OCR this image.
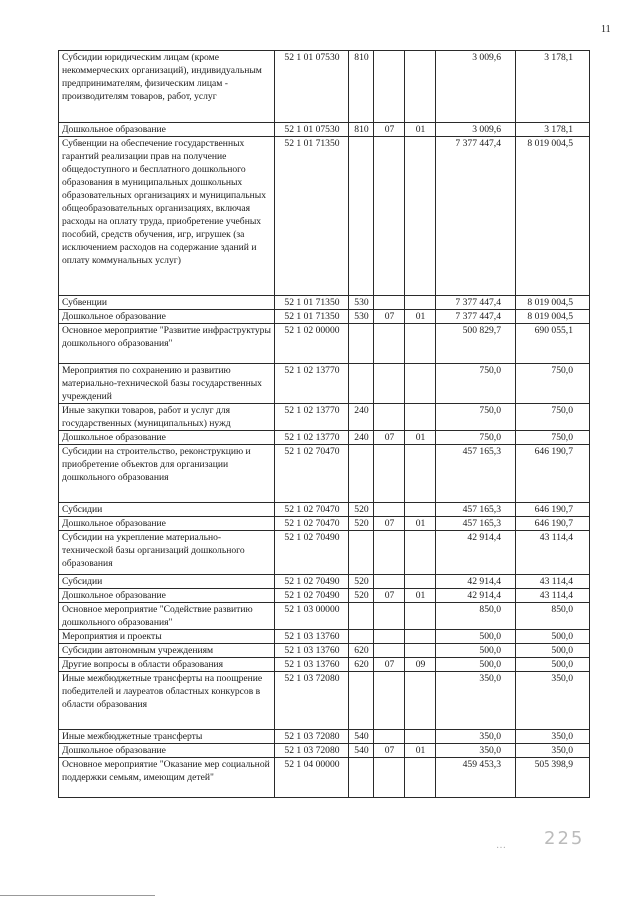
11
Субсидии юридическим лицам (кроме некоммерческих организаций), индивидуальным предпринимателям, физическим лицам - производителям товаров, работ, услуг	52 1 01 07530	810			3 009,6	3 178,1
Дошкольное образование	52 1 01 07530	810	07	01	3 009,6	3 178,1
Субвенции на обеспечение государственных гарантий реализации прав на получение общедоступного и бесплатного дошкольного образования в муниципальных дошкольных образовательных организациях и муниципальных общеобразовательных организациях, включая расходы на оплату труда, приобретение учебных пособий, средств обучения, игр, игрушек (за исключением расходов на содержание зданий и оплату коммунальных услуг)	52 1 01 71350				7 377 447,4	8 019 004,5
Субвенции	52 1 01 71350	530			7 377 447,4	8 019 004,5
Дошкольное образование	52 1 01 71350	530	07	01	7 377 447,4	8 019 004,5
Основное мероприятие "Развитие инфраструктуры дошкольного образования"	52 1 02 00000				500 829,7	690 055,1
Мероприятия по сохранению и развитию материально-технической базы государственных учреждений	52 1 02 13770				750,0	750,0
Иные закупки товаров, работ и услуг для государственных (муниципальных) нужд	52 1 02 13770	240			750,0	750,0
Дошкольное образование	52 1 02 13770	240	07	01	750,0	750,0
Субсидии на строительство, реконструкцию и приобретение объектов для организации дошкольного образования	52 1 02 70470				457 165,3	646 190,7
Субсидии	52 1 02 70470	520			457 165,3	646 190,7
Дошкольное образование	52 1 02 70470	520	07	01	457 165,3	646 190,7
Субсидии на укрепление материально-технической базы организаций дошкольного образования	52 1 02 70490				42 914,4	43 114,4
Субсидии	52 1 02 70490	520			42 914,4	43 114,4
Дошкольное образование	52 1 02 70490	520	07	01	42 914,4	43 114,4
Основное мероприятие "Содействие развитию дошкольного образования"	52 1 03 00000				850,0	850,0
Мероприятия и проекты	52 1 03 13760				500,0	500,0
Субсидии автономным учреждениям	52 1 03 13760	620			500,0	500,0
Другие вопросы в области образования	52 1 03 13760	620	07	09	500,0	500,0
Иные межбюджетные трансферты на поощрение победителей и лауреатов областных конкурсов в области образования	52 1 03 72080				350,0	350,0
Иные межбюджетные трансферты	52 1 03 72080	540			350,0	350,0
Дошкольное образование	52 1 03 72080	540	07	01	350,0	350,0
Основное мероприятие "Оказание мер социальной поддержки семьям, имеющим детей"	52 1 04 00000				459 453,3	505 398,9
225
…
